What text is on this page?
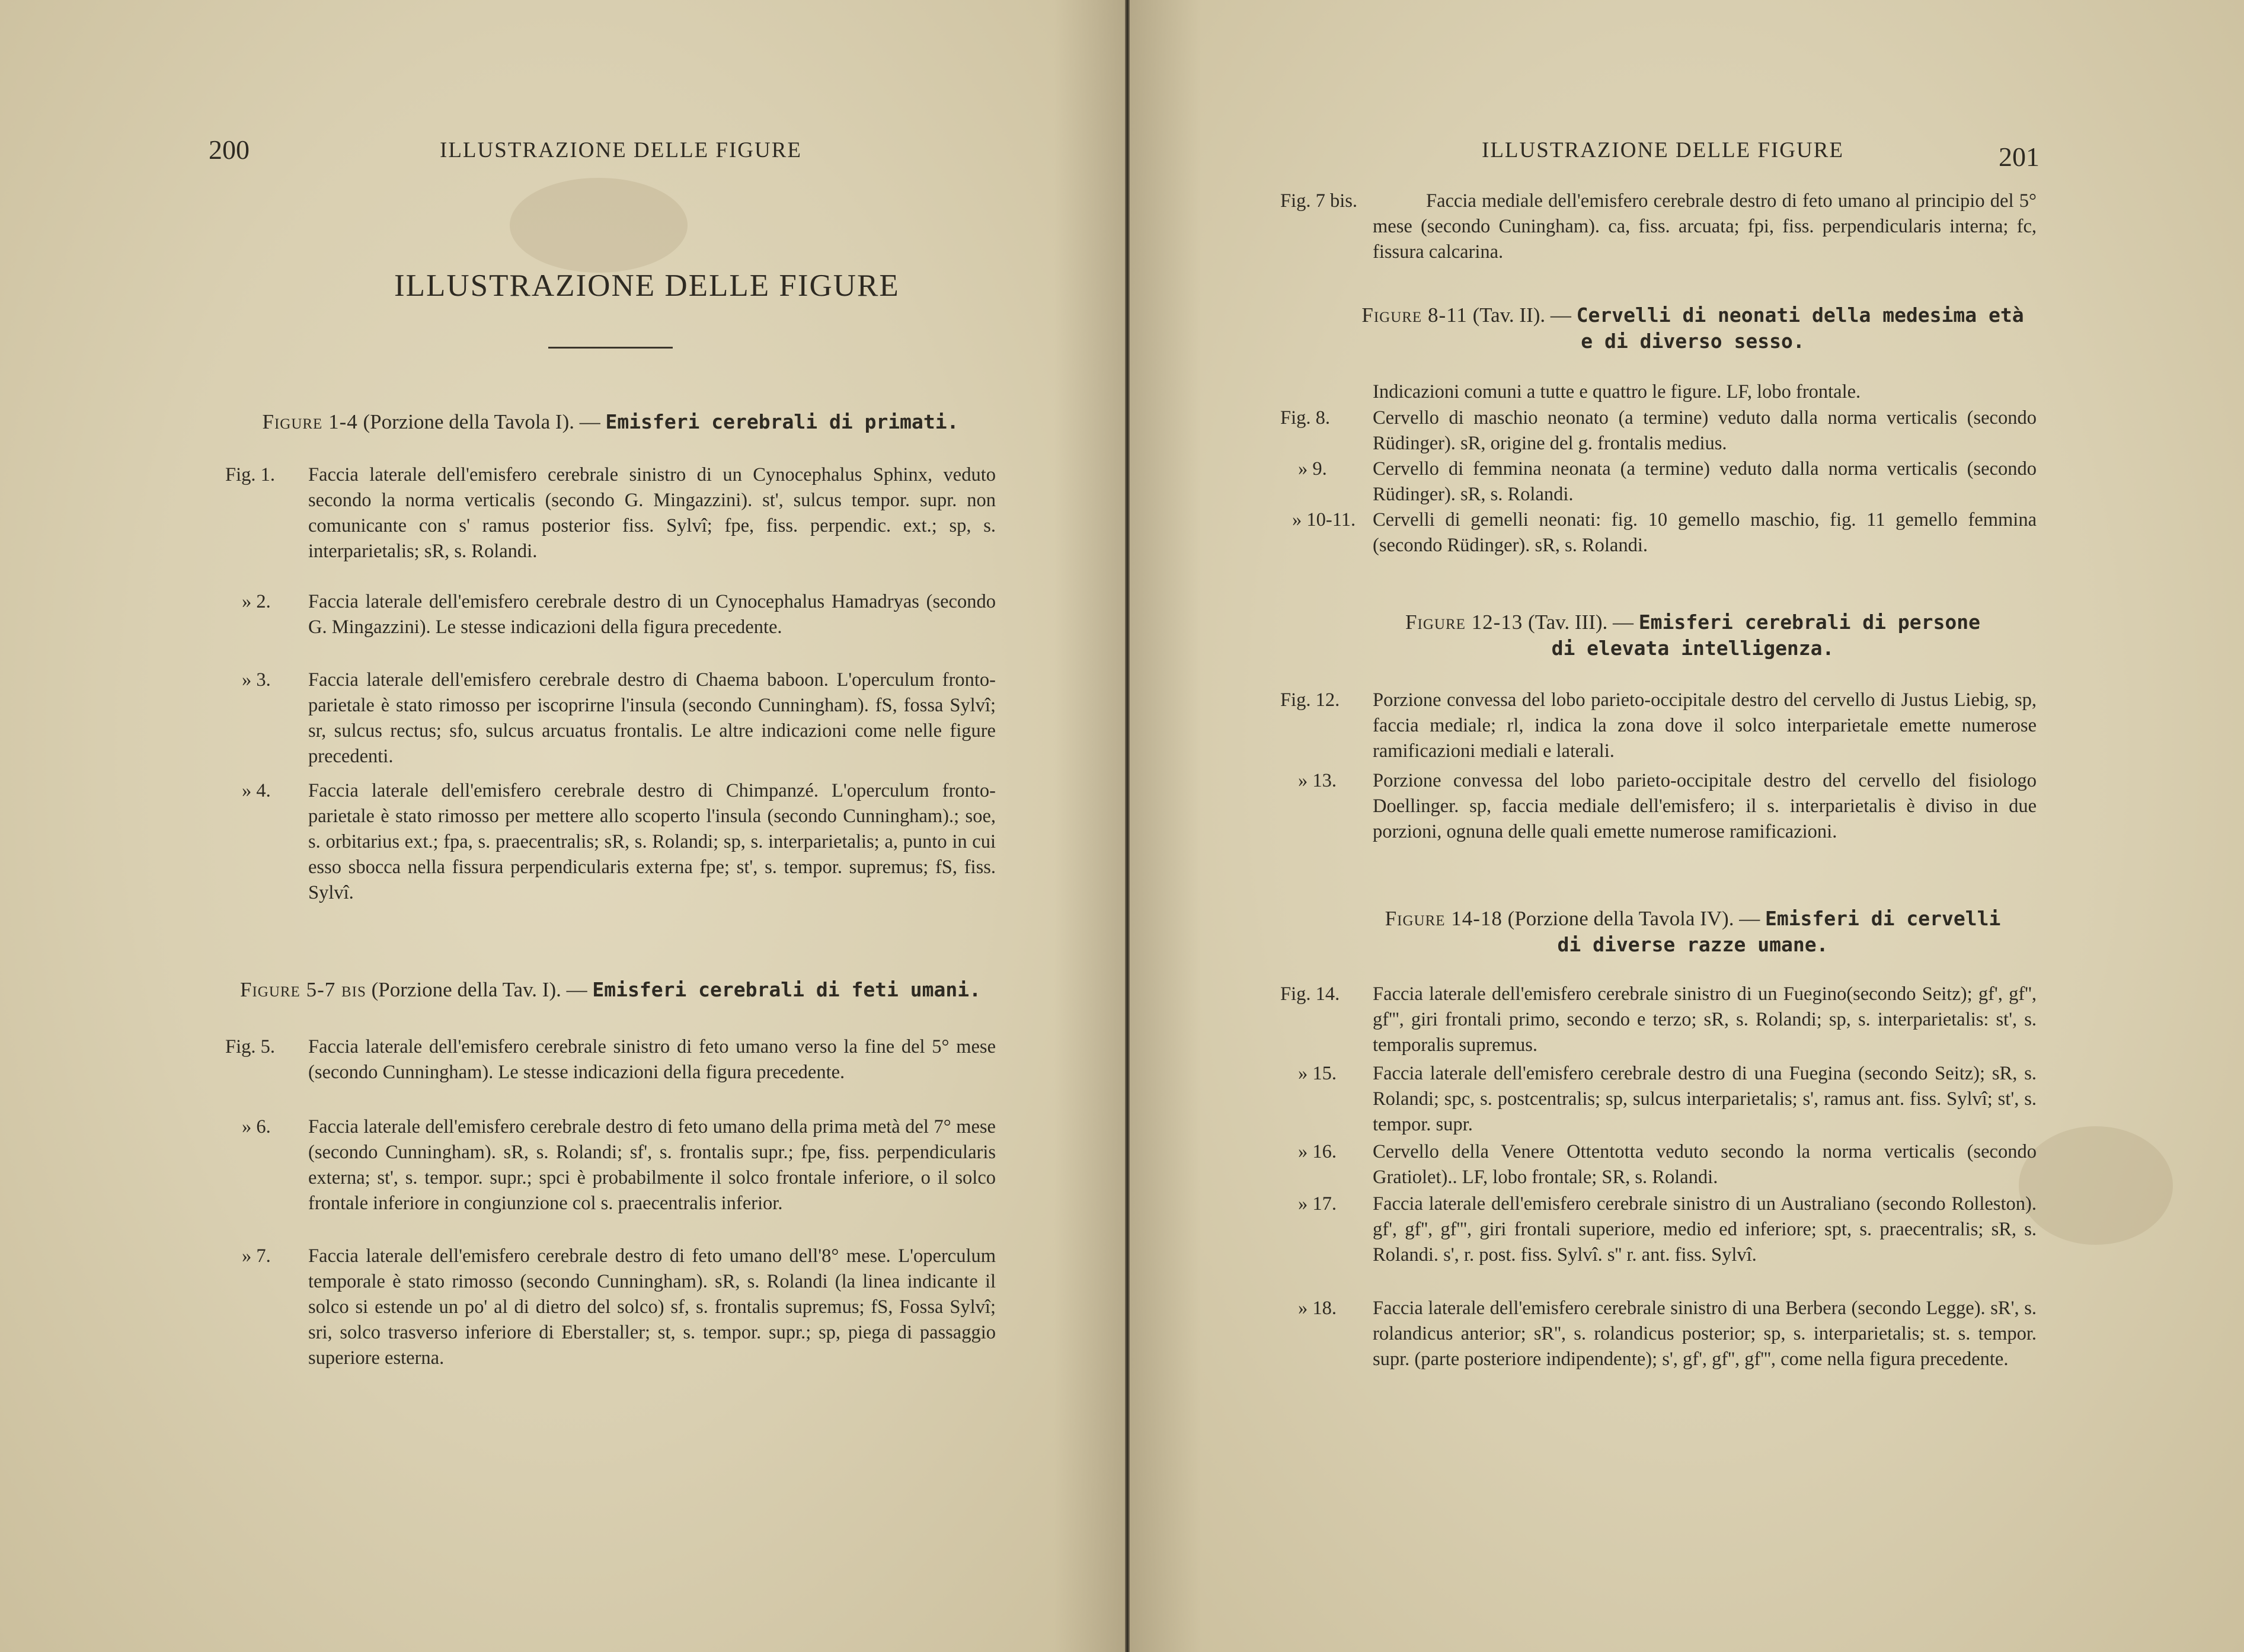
200	ILLUSTRAZIONE DELLE FIGURE
ILLUSTRAZIONE DELLE FIGURE
Figure 1-4 (Porzione della Tavola I). — Emisferi cerebrali di primati.
Fig. 1. Faccia laterale dell'emisfero cerebrale sinistro di un Cynocephalus Sphinx, veduto secondo la norma verticalis (secondo G. Mingazzini). st', sulcus tempor. supr. non comunicante con s' ramus posterior fiss. Sylvî; fpe, fiss. perpendic. ext.; sp, s. interparietalis; sR, s. Rolandi.
» 2. Faccia laterale dell'emisfero cerebrale destro di un Cynocephalus Hamadryas (secondo G. Mingazzini). Le stesse indicazioni della figura precedente.
» 3. Faccia laterale dell'emisfero cerebrale destro di Chaema baboon. L'operculum fronto-parietale è stato rimosso per iscoprirne l'insula (secondo Cunningham). fS, fossa Sylvî; sr, sulcus rectus; sfo, sulcus arcuatus frontalis. Le altre indicazioni come nelle figure precedenti.
» 4. Faccia laterale dell'emisfero cerebrale destro di Chimpanzé. L'operculum fronto-parietale è stato rimosso per mettere allo scoperto l'insula (secondo Cunningham).; soe, s. orbitarius ext.; fpa, s. praecentralis; sR, s. Rolandi; sp, s. interparietalis; a, punto in cui esso sbocca nella fissura perpendicularis externa fpe; st', s. tempor. supremus; fS, fiss. Sylvî.
Figure 5-7 bis (Porzione della Tav. I). — Emisferi cerebrali di feti umani.
Fig. 5. Faccia laterale dell'emisfero cerebrale sinistro di feto umano verso la fine del 5° mese (secondo Cunningham). Le stesse indicazioni della figura precedente.
» 6. Faccia laterale dell'emisfero cerebrale destro di feto umano della prima metà del 7° mese (secondo Cunningham). sR, s. Rolandi; sf', s. frontalis supr.; fpe, fiss. perpendicularis externa; st', s. tempor. supr.; spci è probabilmente il solco frontale inferiore, o il solco frontale inferiore in congiunzione col s. praecentralis inferior.
» 7. Faccia laterale dell'emisfero cerebrale destro di feto umano dell'8° mese. L'operculum temporale è stato rimosso (secondo Cunningham). sR, s. Rolandi (la linea indicante il solco si estende un po' al di dietro del solco) sf, s. frontalis supremus; fS, Fossa Sylvî; sri, solco trasverso inferiore di Eberstaller; st, s. tempor. supr.; sp, piega di passaggio superiore esterna.
ILLUSTRAZIONE DELLE FIGURE	201
Fig. 7 bis.	Faccia mediale dell'emisfero cerebrale destro di feto umano al principio del 5° mese (secondo Cuningham). ca, fiss. arcuata; fpi, fiss. perpendicularis interna; fc, fissura calcarina.
Figure 8-11 (Tav. II). — Cervelli di neonati della medesima età
e di diverso sesso.
Indicazioni comuni a tutte e quattro le figure. LF, lobo frontale.
Fig. 8. Cervello di maschio neonato (a termine) veduto dalla norma verticalis (secondo Rüdinger). sR, origine del g. frontalis medius.
» 9. Cervello di femmina neonata (a termine) veduto dalla norma verticalis (secondo Rüdinger). sR, s. Rolandi.
» 10-11. Cervelli di gemelli neonati: fig. 10 gemello maschio, fig. 11 gemello femmina (secondo Rüdinger). sR, s. Rolandi.
Figure 12-13 (Tav. III). — Emisferi cerebrali di persone
di elevata intelligenza.
Fig. 12. Porzione convessa del lobo parieto-occipitale destro del cervello di Justus Liebig, sp, faccia mediale; rl, indica la zona dove il solco interparietale emette numerose ramificazioni mediali e laterali.
» 13. Porzione convessa del lobo parieto-occipitale destro del cervello del fisiologo Doellinger. sp, faccia mediale dell'emisfero; il s. interparietalis è diviso in due porzioni, ognuna delle quali emette numerose ramificazioni.
Figure 14-18 (Porzione della Tavola IV). — Emisferi di cervelli
di diverse razze umane.
Fig. 14. Faccia laterale dell'emisfero cerebrale sinistro di un Fuegino(secondo Seitz); gf', gf'', gf''', giri frontali primo, secondo e terzo; sR, s. Rolandi; sp, s. interparietalis: st', s. temporalis supremus.
» 15. Faccia laterale dell'emisfero cerebrale destro di una Fuegina (secondo Seitz); sR, s. Rolandi; spc, s. postcentralis; sp, sulcus interparietalis; s', ramus ant. fiss. Sylvî; st', s. tempor. supr.
» 16. Cervello della Venere Ottentotta veduto secondo la norma verticalis (secondo Gratiolet).. LF, lobo frontale; SR, s. Rolandi.
» 17. Faccia laterale dell'emisfero cerebrale sinistro di un Australiano (secondo Rolleston). gf', gf'', gf''', giri frontali superiore, medio ed inferiore; spt, s. praecentralis; sR, s. Rolandi. s', r. post. fiss. Sylvî. s'' r. ant. fiss. Sylvî.
» 18. Faccia laterale dell'emisfero cerebrale sinistro di una Berbera (secondo Legge). sR', s. rolandicus anterior; sR'', s. rolandicus posterior; sp, s. interparietalis; st. s. tempor. supr. (parte posteriore indipendente); s', gf', gf'', gf''', come nella figura precedente.
